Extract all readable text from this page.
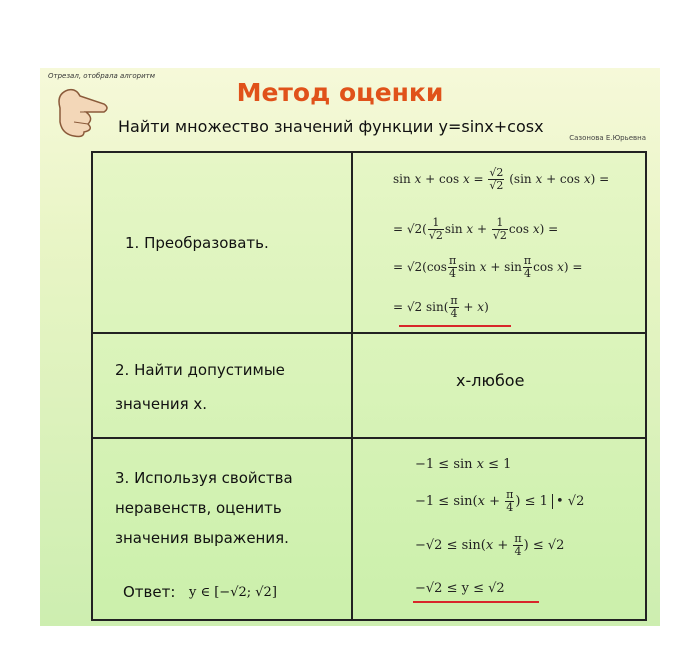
Отрезал, отобрала алгоритм
Метод оценки
Найти множество значений функции y=sinx+cosx
Сазонова Е.Юрьевна
1. Преобразовать.
$\sin x + \cos x = \frac{√2}{√2} (\sin$ x + cos x) =
= $√2( \frac{1}{√2}$ $\sin x + \frac{1}{√2}$ cos x) =
= $√2(\cos \frac{\pi}{4}$ $\sin x + \sin \frac{\pi}{4}$ cos x) =
= √2 $\sin( \frac{\pi}{4} + x)$
2. Найти допустимые
значения х.
х-любое
3. Используя свойства
неравенств, оценить
значения выражения.
−1 ≤ sin x ≤ 1
$-1 \le \sin(x + \frac{\pi}{4}$ ) ≤ 1 • √2
$-√2 \le \sin(x + \frac{\pi}{4}$ ) ≤ √2
−√2 ≤ y ≤ √2
Ответ: y ∈ [−√2; √2]
